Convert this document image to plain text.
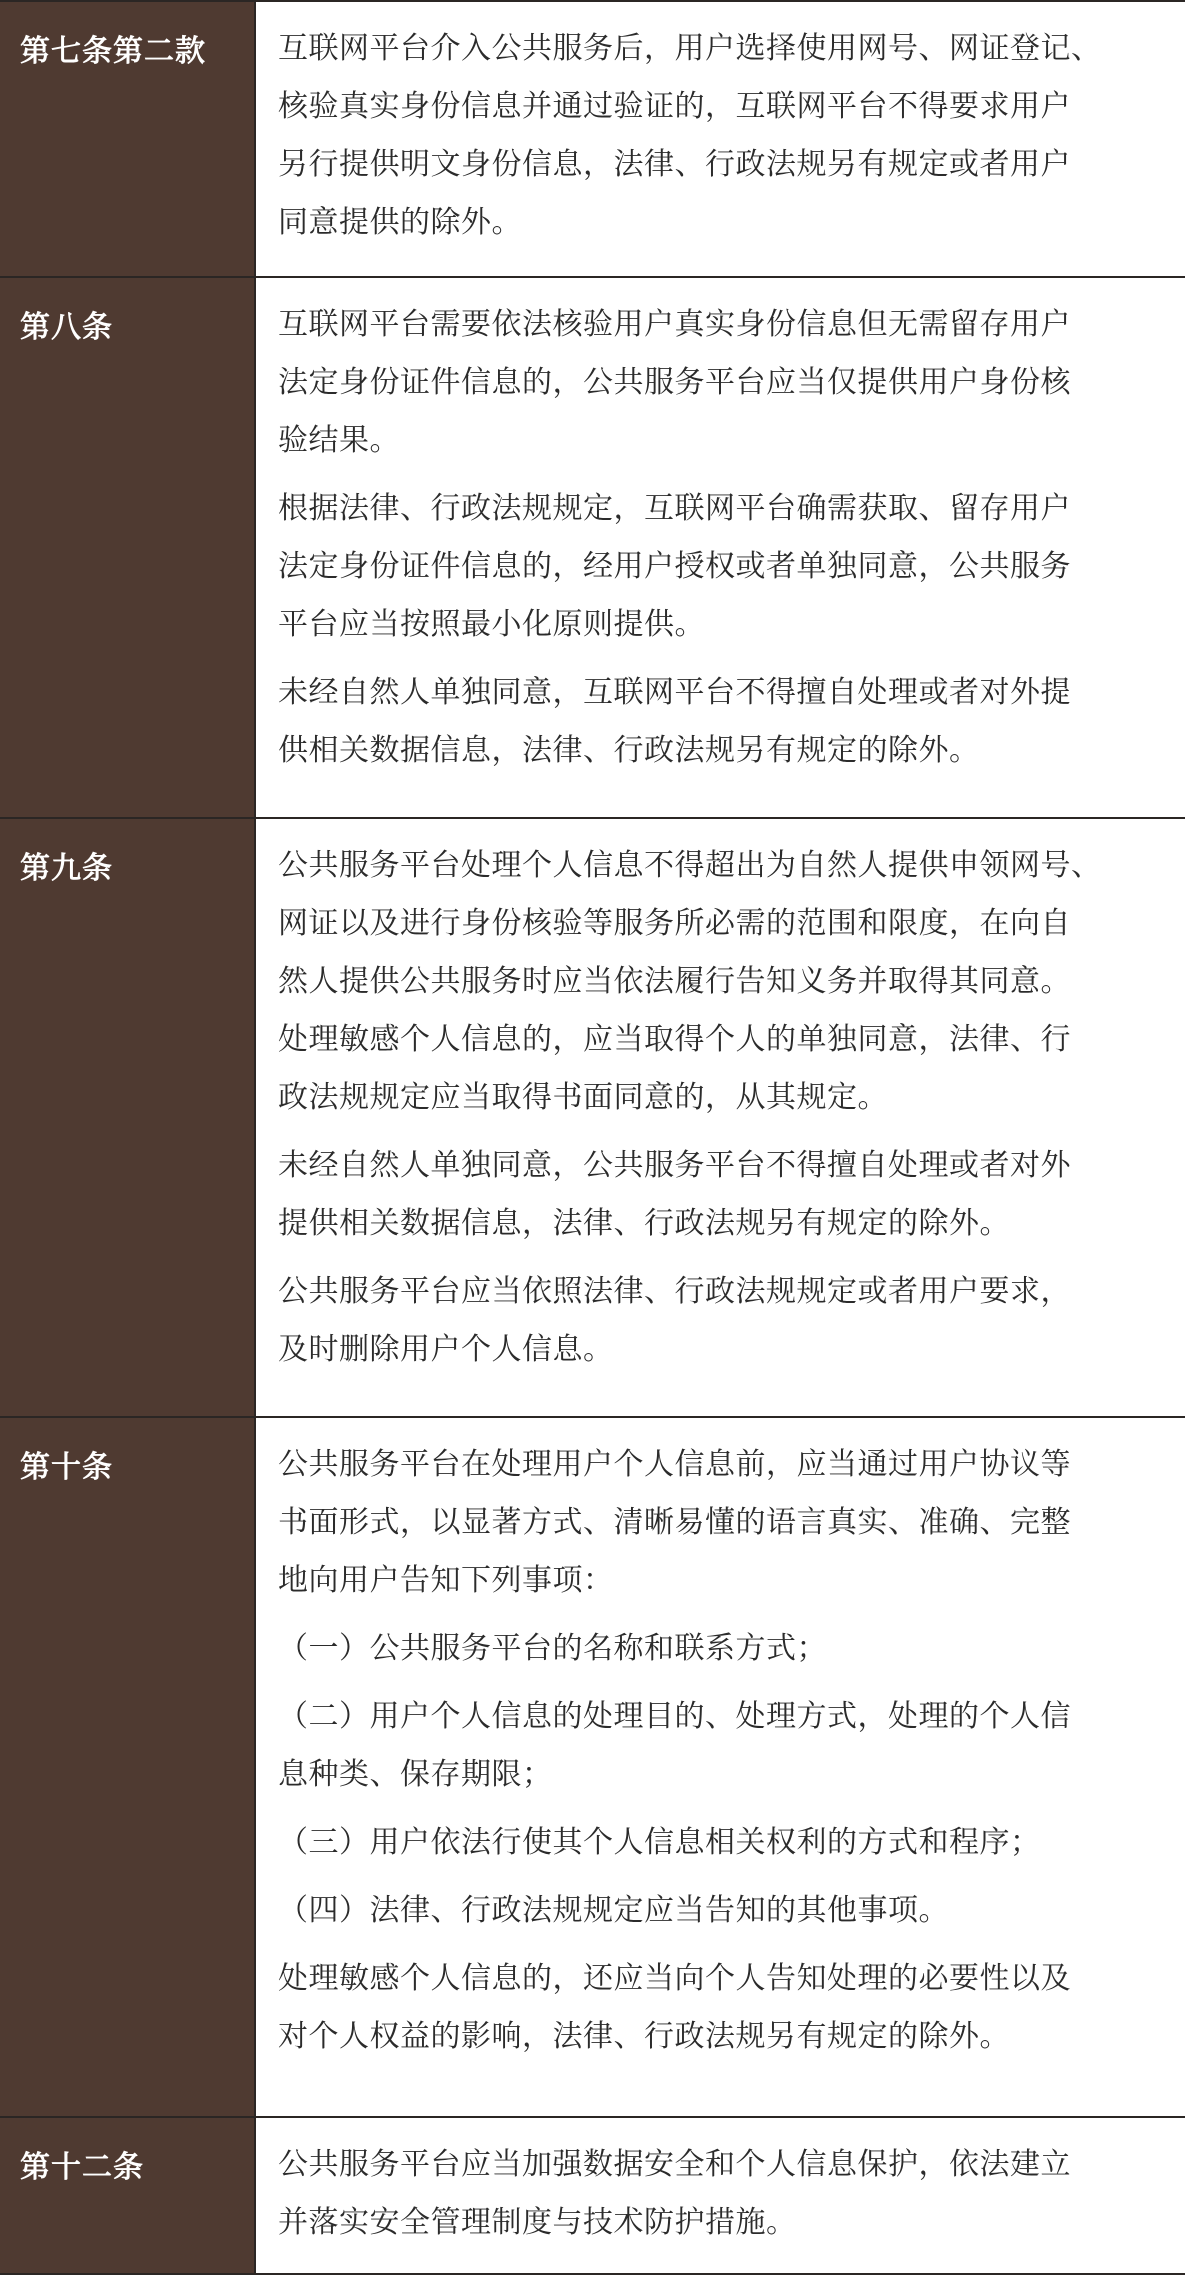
第七条第二款	互联网平台介入公共服务后，用户选择使用网号、网证登记、
核验真实身份信息并通过验证的，互联网平台不得要求用户
另行提供明文身份信息，法律、行政法规另有规定或者用户
同意提供的除外。

第八条	互联网平台需要依法核验用户真实身份信息但无需留存用户
法定身份证件信息的，公共服务平台应当仅提供用户身份核
验结果。

根据法律、行政法规规定，互联网平台确需获取、留存用户
法定身份证件信息的，经用户授权或者单独同意，公共服务
平台应当按照最小化原则提供。

未经自然人单独同意，互联网平台不得擅自处理或者对外提
供相关数据信息，法律、行政法规另有规定的除外。

第九条	公共服务平台处理个人信息不得超出为自然人提供申领网号、
网证以及进行身份核验等服务所必需的范围和限度，在向自
然人提供公共服务时应当依法履行告知义务并取得其同意。
处理敏感个人信息的，应当取得个人的单独同意，法律、行
政法规规定应当取得书面同意的，从其规定。

未经自然人单独同意，公共服务平台不得擅自处理或者对外
提供相关数据信息，法律、行政法规另有规定的除外。

公共服务平台应当依照法律、行政法规规定或者用户要求，
及时删除用户个人信息。

第十条	公共服务平台在处理用户个人信息前，应当通过用户协议等
书面形式，以显著方式、清晰易懂的语言真实、准确、完整
地向用户告知下列事项：

（一）公共服务平台的名称和联系方式；

（二）用户个人信息的处理目的、处理方式，处理的个人信
息种类、保存期限；

（三）用户依法行使其个人信息相关权利的方式和程序；

（四）法律、行政法规规定应当告知的其他事项。

处理敏感个人信息的，还应当向个人告知处理的必要性以及
对个人权益的影响，法律、行政法规另有规定的除外。

第十二条	公共服务平台应当加强数据安全和个人信息保护，依法建立
并落实安全管理制度与技术防护措施。
